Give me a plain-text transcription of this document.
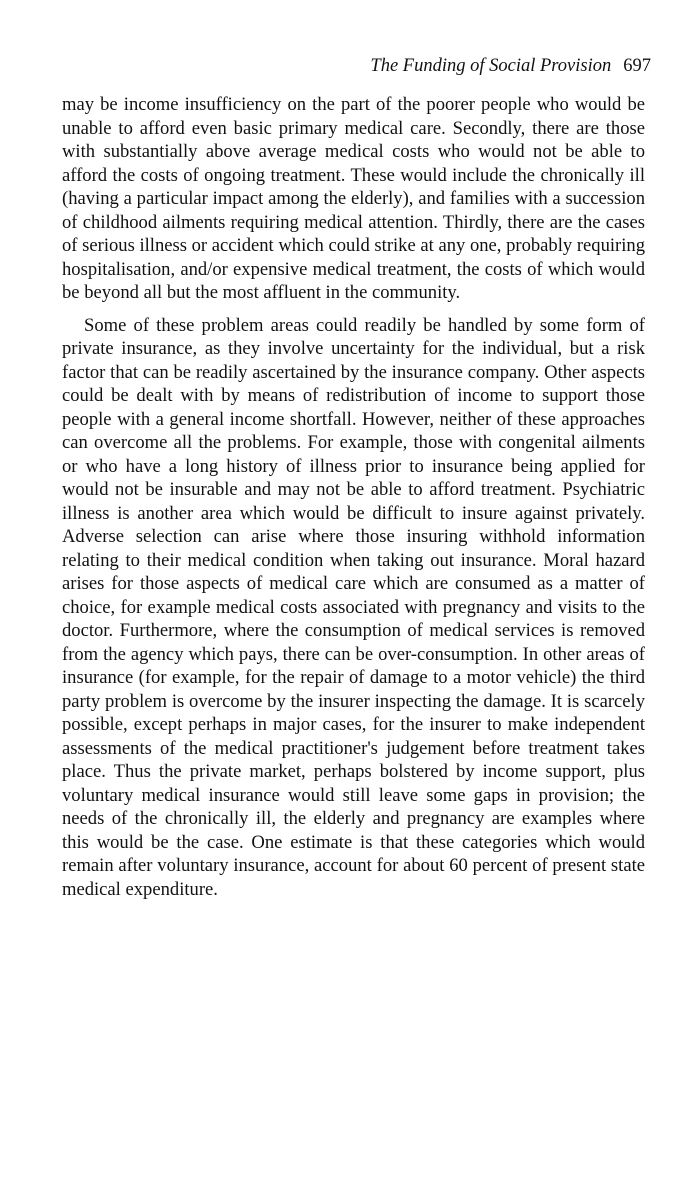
The Funding of Social Provision 697

may be income insufficiency on the part of the poorer people who would be unable to afford even basic primary medical care. Secondly, there are those with substantially above average medical costs who would not be able to afford the costs of ongoing treatment. These would include the chronically ill (having a particular impact among the elderly), and families with a succession of childhood ailments requiring medical attention. Thirdly, there are the cases of serious illness or accident which could strike at any one, probably requiring hospitalisation, and/or expensive medical treatment, the costs of which would be beyond all but the most affluent in the community.

Some of these problem areas could readily be handled by some form of private insurance, as they involve uncertainty for the individual, but a risk factor that can be readily ascertained by the insurance company. Other aspects could be dealt with by means of redistribution of income to support those people with a general income shortfall. However, neither of these approaches can overcome all the problems. For example, those with congenital ailments or who have a long history of illness prior to insurance being applied for would not be insurable and may not be able to afford treatment. Psychiatric illness is another area which would be difficult to insure against privately. Adverse selection can arise where those insuring withhold information relating to their medical condition when taking out insurance. Moral hazard arises for those aspects of medical care which are consumed as a matter of choice, for example medical costs associated with pregnancy and visits to the doctor. Furthermore, where the consumption of medical services is removed from the agency which pays, there can be over-consumption. In other areas of insurance (for example, for the repair of damage to a motor vehicle) the third party problem is overcome by the insurer inspecting the damage. It is scarcely possible, except perhaps in major cases, for the insurer to make independent assessments of the medical practitioner's judgement before treatment takes place. Thus the private market, perhaps bolstered by income support, plus voluntary medical insurance would still leave some gaps in provision; the needs of the chronically ill, the elderly and pregnancy are examples where this would be the case. One estimate is that these categories which would remain after voluntary insurance, account for about 60 percent of present state medical expenditure.
